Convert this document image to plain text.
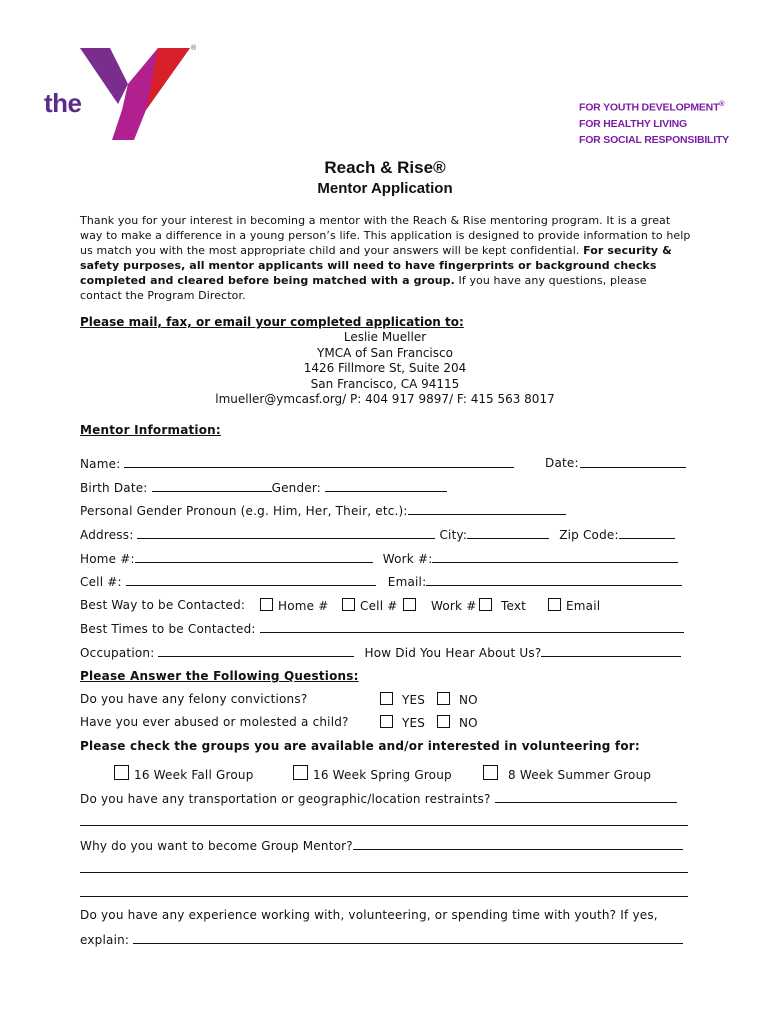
the
YMCA
®
FOR YOUTH DEVELOPMENT®
FOR HEALTHY LIVING
FOR SOCIAL RESPONSIBILITY
Reach & Rise®
Mentor Application
Thank you for your interest in becoming a mentor with the Reach & Rise mentoring program. It is a great way to make a difference in a young person’s life. This application is designed to provide information to help us match you with the most appropriate child and your answers will be kept confidential. For security & safety purposes, all mentor applicants will need to have fingerprints or background checks completed and cleared before being matched with a group. If you have any questions, please contact the Program Director.
Please mail, fax, or email your completed application to:
Leslie Mueller
YMCA of San Francisco
1426 Fillmore St, Suite 204
San Francisco, CA 94115
lmueller@ymcasf.org/ P: 404 917 9897/ F: 415 563 8017
Mentor Information:
Name:	Date:
Birth Date:	Gender:
Personal Gender Pronoun (e.g. Him, Her, Their, etc.):
Address:	City:	Zip Code:
Home #:	Work #:
Cell #:	Email:
Best Way to be Contacted:	Home #	Cell #	Work #	Text	Email
Best Times to be Contacted:
Occupation:	How Did You Hear About Us?
Please Answer the Following Questions:
Do you have any felony convictions?	YES	NO
Have you ever abused or molested a child?	YES	NO
Please check the groups you are available and/or interested in volunteering for:
16 Week Fall Group	16 Week Spring Group	8 Week Summer Group
Do you have any transportation or geographic/location restraints?
Why do you want to become Group Mentor?
Do you have any experience working with, volunteering, or spending time with youth? If yes,
explain:
